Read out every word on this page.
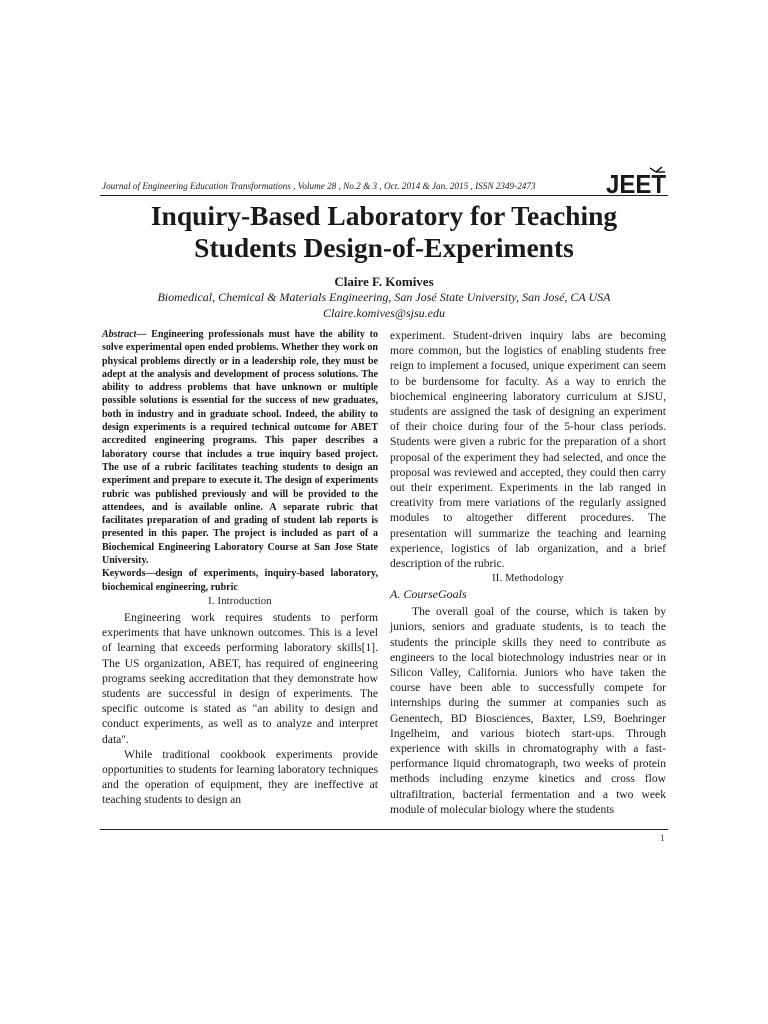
Journal of Engineering Education Transformations , Volume 28 , No.2 & 3 , Oct. 2014 & Jan. 2015 , ISSN 2349-2473	JEET
Inquiry-Based Laboratory for Teaching Students Design-of-Experiments
Claire F. Komives
Biomedical, Chemical & Materials Engineering, San José State University, San José, CA USA
Claire.komives@sjsu.edu

Abstract— Engineering professionals must have the ability to solve experimental open ended problems. Whether they work on physical problems directly or in a leadership role, they must be adept at the analysis and development of process solutions. The ability to address problems that have unknown or multiple possible solutions is essential for the success of new graduates, both in industry and in graduate school. Indeed, the ability to design experiments is a required technical outcome for ABET accredited engineering programs. This paper describes a laboratory course that includes a true inquiry based project. The use of a rubric facilitates teaching students to design an experiment and prepare to execute it. The design of experiments rubric was published previously and will be provided to the attendees, and is available online. A separate rubric that facilitates preparation of and grading of student lab reports is presented in this paper. The project is included as part of a Biochemical Engineering Laboratory Course at San Jose State University.

Keywords—design of experiments, inquiry-based laboratory, biochemical engineering, rubric

I. Introduction

Engineering work requires students to perform experiments that have unknown outcomes. This is a level of learning that exceeds performing laboratory skills[1]. The US organization, ABET, has required of engineering programs seeking accreditation that they demonstrate how students are successful in design of experiments. The specific outcome is stated as "an ability to design and conduct experiments, as well as to analyze and interpret data".

While traditional cookbook experiments provide opportunities to students for learning laboratory techniques and the operation of equipment, they are ineffective at teaching students to design an

experiment. Student-driven inquiry labs are becoming more common, but the logistics of enabling students free reign to implement a focused, unique experiment can seem to be burdensome for faculty. As a way to enrich the biochemical engineering laboratory curriculum at SJSU, students are assigned the task of designing an experiment of their choice during four of the 5-hour class periods. Students were given a rubric for the preparation of a short proposal of the experiment they had selected, and once the proposal was reviewed and accepted, they could then carry out their experiment. Experiments in the lab ranged in creativity from mere variations of the regularly assigned modules to altogether different procedures. The presentation will summarize the teaching and learning experience, logistics of lab organization, and a brief description of the rubric.

II. Methodology
A. CourseGoals

The overall goal of the course, which is taken by juniors, seniors and graduate students, is to teach the students the principle skills they need to contribute as engineers to the local biotechnology industries near or in Silicon Valley, California. Juniors who have taken the course have been able to successfully compete for internships during the summer at companies such as Genentech, BD Biosciences, Baxter, LS9, Boehringer Ingelheim, and various biotech start-ups. Through experience with skills in chromatography with a fast-performance liquid chromatograph, two weeks of protein methods including enzyme kinetics and cross flow ultrafiltration, bacterial fermentation and a two week module of molecular biology where the students

1
